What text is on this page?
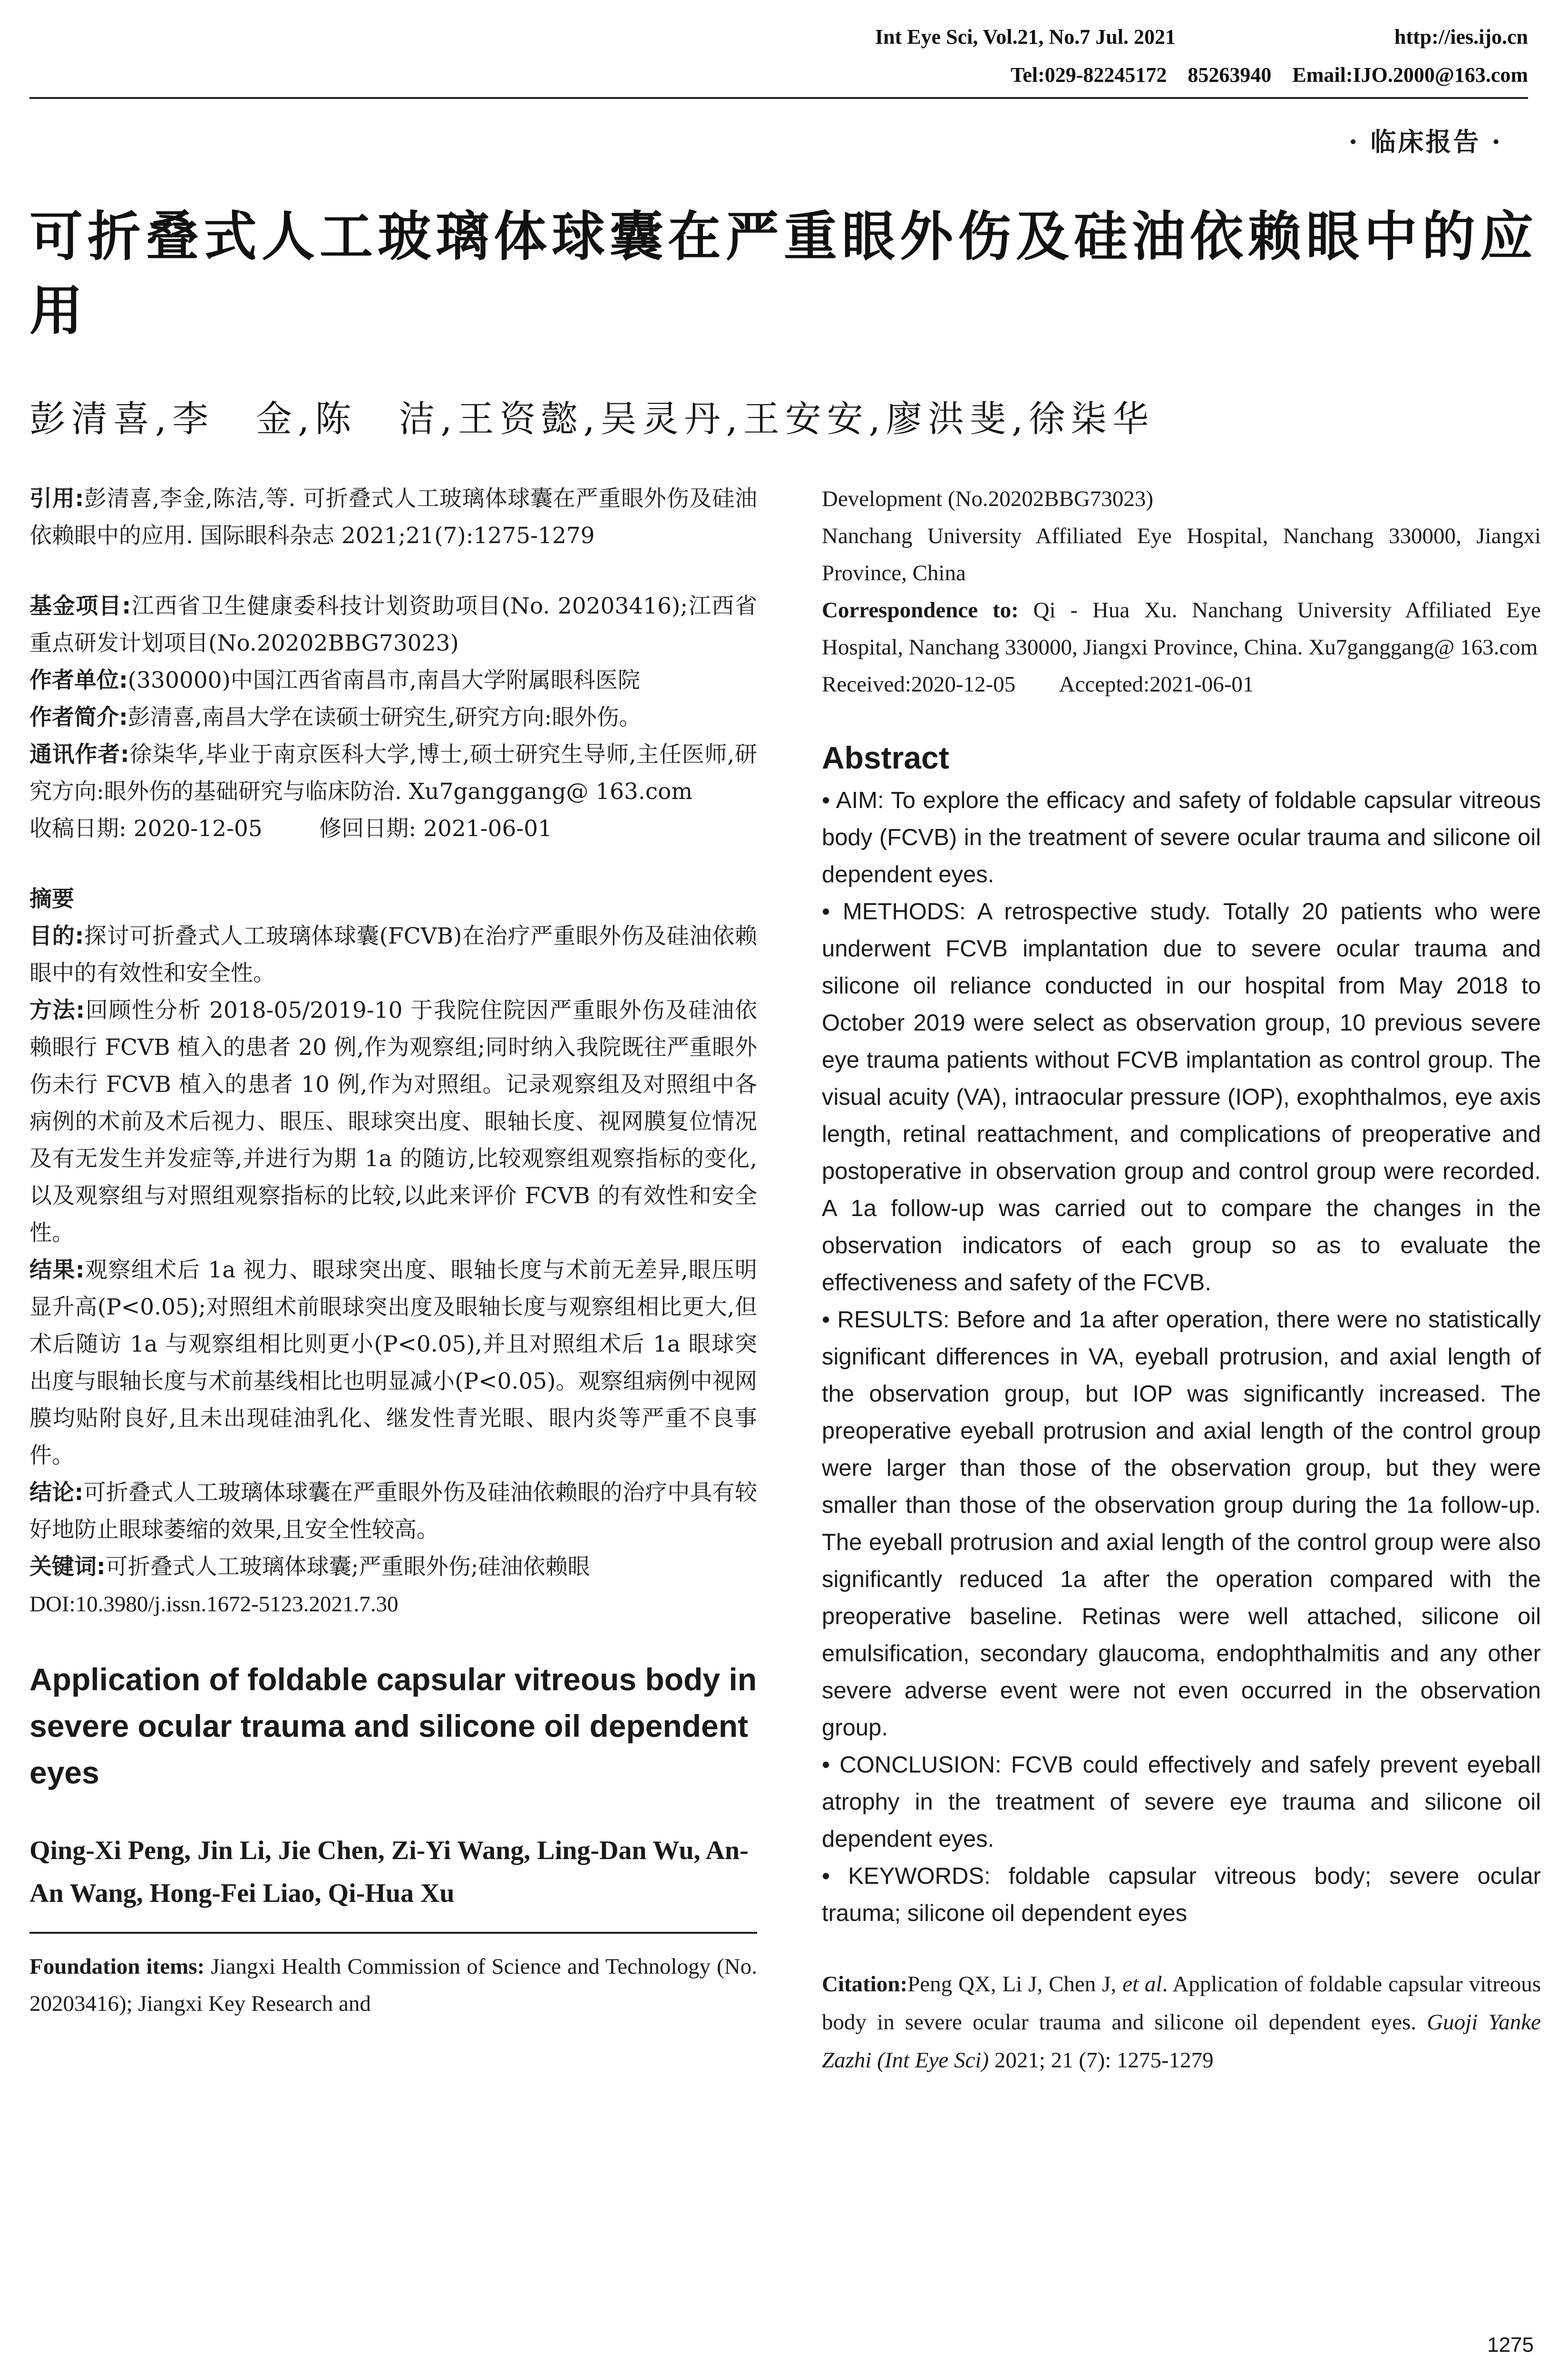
Int Eye Sci, Vol.21, No.7 Jul. 2021	http://ies.ijo.cn
Tel:029-82245172    85263940    Email:IJO.2000@163.com
· 临床报告 ·
可折叠式人工玻璃体球囊在严重眼外伤及硅油依赖眼中的应用
彭清喜,李　金,陈　洁,王资懿,吴灵丹,王安安,廖洪斐,徐柒华

引用:彭清喜,李金,陈洁,等. 可折叠式人工玻璃体球囊在严重眼外伤及硅油依赖眼中的应用. 国际眼科杂志 2021;21(7):1275-1279

基金项目:江西省卫生健康委科技计划资助项目(No. 20203416);江西省重点研发计划项目(No.20202BBG73023)

作者单位:(330000)中国江西省南昌市,南昌大学附属眼科医院

作者简介:彭清喜,南昌大学在读硕士研究生,研究方向:眼外伤。

通讯作者:徐柒华,毕业于南京医科大学,博士,硕士研究生导师,主任医师,研究方向:眼外伤的基础研究与临床防治. Xu7ganggang@ 163.com

收稿日期: 2020-12-05        修回日期: 2021-06-01

摘要

目的:探讨可折叠式人工玻璃体球囊(FCVB)在治疗严重眼外伤及硅油依赖眼中的有效性和安全性。

方法:回顾性分析 2018-05/2019-10 于我院住院因严重眼外伤及硅油依赖眼行 FCVB 植入的患者 20 例,作为观察组;同时纳入我院既往严重眼外伤未行 FCVB 植入的患者 10 例,作为对照组。记录观察组及对照组中各病例的术前及术后视力、眼压、眼球突出度、眼轴长度、视网膜复位情况及有无发生并发症等,并进行为期 1a 的随访,比较观察组观察指标的变化,以及观察组与对照组观察指标的比较,以此来评价 FCVB 的有效性和安全性。

结果:观察组术后 1a 视力、眼球突出度、眼轴长度与术前无差异,眼压明显升高(P<0.05);对照组术前眼球突出度及眼轴长度与观察组相比更大,但术后随访 1a 与观察组相比则更小(P<0.05),并且对照组术后 1a 眼球突出度与眼轴长度与术前基线相比也明显减小(P<0.05)。观察组病例中视网膜均贴附良好,且未出现硅油乳化、继发性青光眼、眼内炎等严重不良事件。

结论:可折叠式人工玻璃体球囊在严重眼外伤及硅油依赖眼的治疗中具有较好地防止眼球萎缩的效果,且安全性较高。

关键词:可折叠式人工玻璃体球囊;严重眼外伤;硅油依赖眼

DOI:10.3980/j.issn.1672-5123.2021.7.30

Application of foldable capsular vitreous body in severe ocular trauma and silicone oil dependent eyes

Qing-Xi Peng, Jin Li, Jie Chen, Zi-Yi Wang, Ling-Dan Wu, An-An Wang, Hong-Fei Liao, Qi-Hua Xu

Foundation items: Jiangxi Health Commission of Science and Technology (No. 20203416); Jiangxi Key Research and

Development (No.20202BBG73023)

Nanchang University Affiliated Eye Hospital, Nanchang 330000, Jiangxi Province, China

Correspondence to: Qi - Hua Xu. Nanchang University Affiliated Eye Hospital, Nanchang 330000, Jiangxi Province, China. Xu7ganggang@ 163.com

Received:2020-12-05        Accepted:2021-06-01

Abstract

• AIM: To explore the efficacy and safety of foldable capsular vitreous body (FCVB) in the treatment of severe ocular trauma and silicone oil dependent eyes.

• METHODS: A retrospective study. Totally 20 patients who were underwent FCVB implantation due to severe ocular trauma and silicone oil reliance conducted in our hospital from May 2018 to October 2019 were select as observation group, 10 previous severe eye trauma patients without FCVB implantation as control group. The visual acuity (VA), intraocular pressure (IOP), exophthalmos, eye axis length, retinal reattachment, and complications of preoperative and postoperative in observation group and control group were recorded. A 1a follow-up was carried out to compare the changes in the observation indicators of each group so as to evaluate the effectiveness and safety of the FCVB.

• RESULTS: Before and 1a after operation, there were no statistically significant differences in VA, eyeball protrusion, and axial length of the observation group, but IOP was significantly increased. The preoperative eyeball protrusion and axial length of the control group were larger than those of the observation group, but they were smaller than those of the observation group during the 1a follow-up. The eyeball protrusion and axial length of the control group were also significantly reduced 1a after the operation compared with the preoperative baseline. Retinas were well attached, silicone oil emulsification, secondary glaucoma, endophthalmitis and any other severe adverse event were not even occurred in the observation group.

• CONCLUSION: FCVB could effectively and safely prevent eyeball atrophy in the treatment of severe eye trauma and silicone oil dependent eyes.

• KEYWORDS: foldable capsular vitreous body; severe ocular trauma; silicone oil dependent eyes

Citation:Peng QX, Li J, Chen J, et al. Application of foldable capsular vitreous body in severe ocular trauma and silicone oil dependent eyes. Guoji Yanke Zazhi (Int Eye Sci) 2021; 21 (7): 1275-1279

1275
